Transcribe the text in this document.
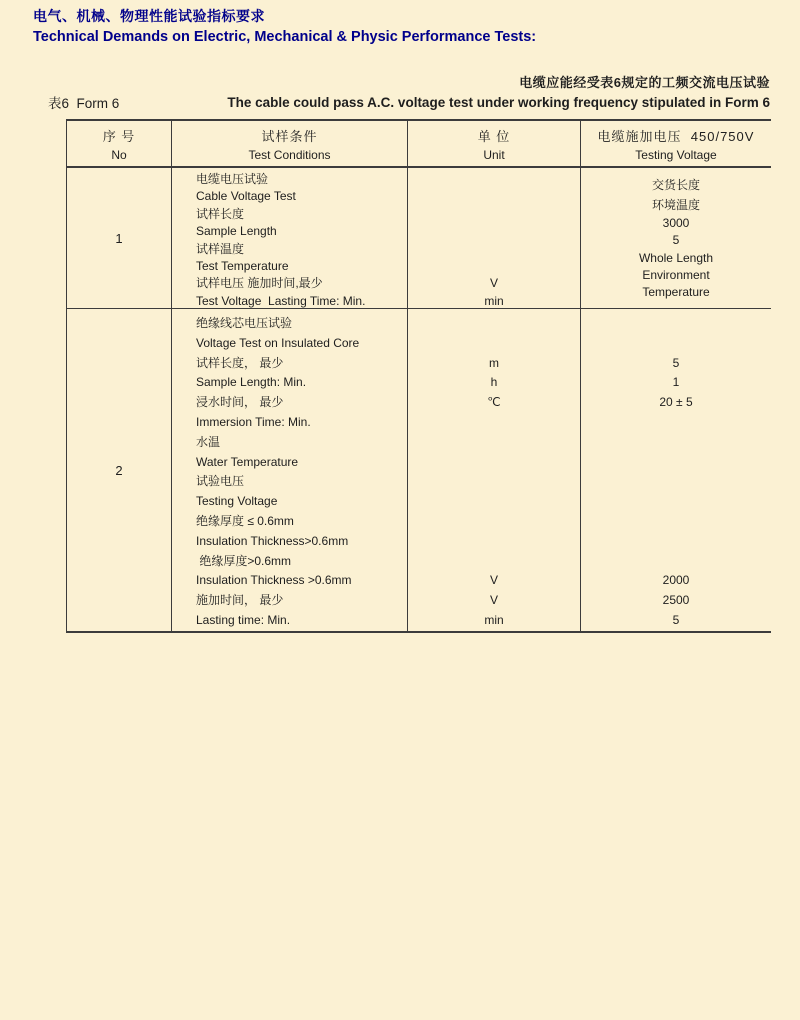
电气、机械、物理性能试验指标要求
Technical Demands on Electric, Mechanical & Physic Performance Tests:
表6  Form 6
电缆应能经受表6规定的工频交流电压试验
The cable could pass A.C. voltage test under working frequency stipulated in Form 6
序 号
No
试样条件
Test Conditions
单 位
Unit
电缆施加电压  450/750V
Testing Voltage
1
电缆电压试验
Cable Voltage Test
试样长度
Sample Length
试样温度
Test Temperature
试样电压 施加时间,最少
Test Voltage  Lasting Time: Min.

V
min
交货长度
环境温度
3000
5
Whole Length
Environment
Temperature
2
绝缘线芯电压试验
Voltage Test on Insulated Core
试样长度， 最少
Sample Length: Min.
浸水时间， 最少
Immersion Time: Min.
水温
Water Temperature
试验电压
Testing Voltage
绝缘厚度 ≤ 0.6mm
Insulation Thickness>0.6mm
绝缘厚度>0.6mm
Insulation Thickness >0.6mm
施加时间， 最少
Lasting time: Min.

m
h
℃

V
V
min

5
1
20 ± 5

2000
2500
5
